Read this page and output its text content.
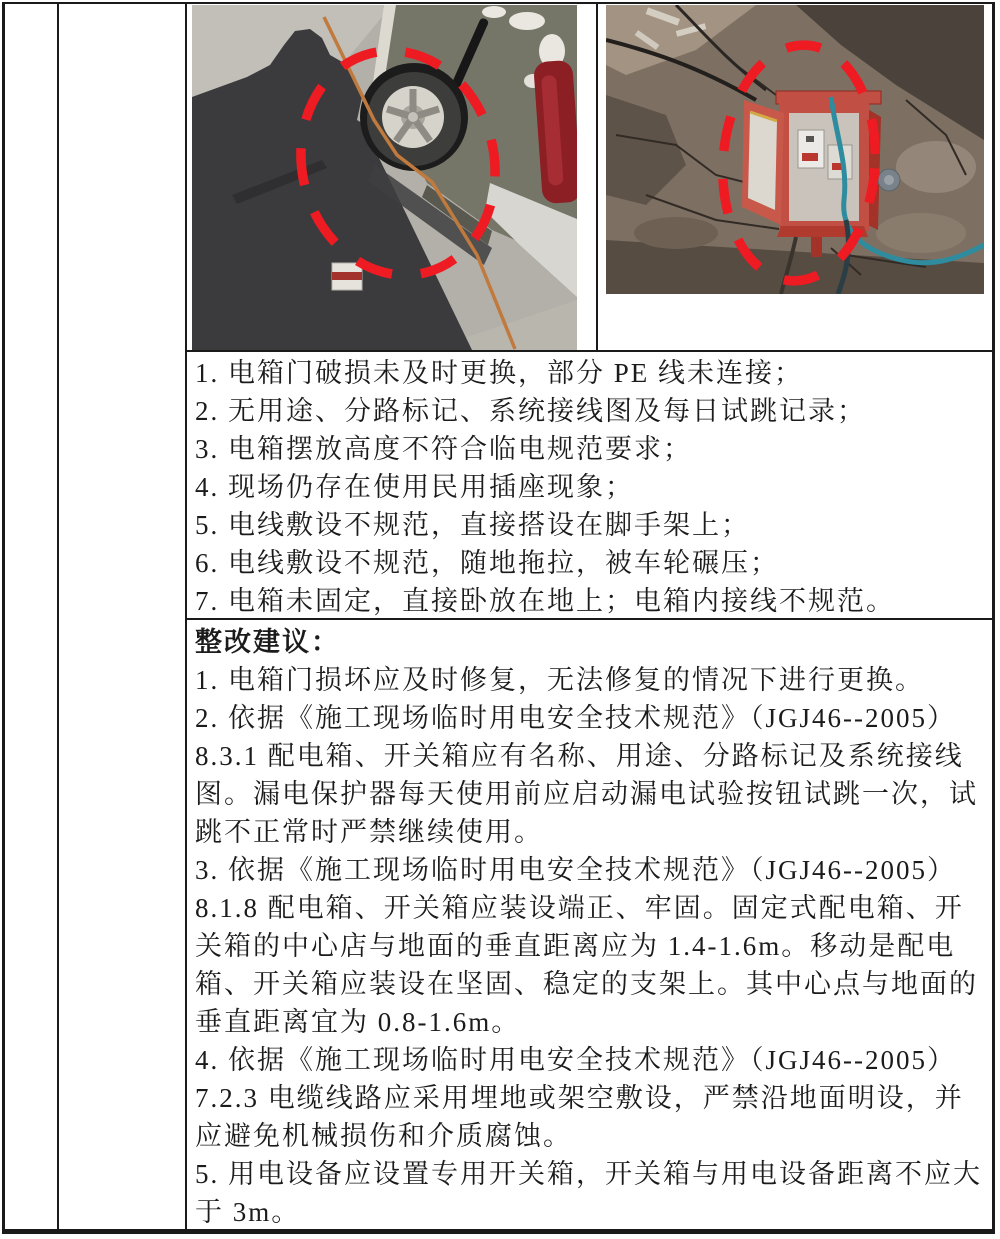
1. 电箱门破损未及时更换，部分 PE 线未连接；
2. 无用途、分路标记、系统接线图及每日试跳记录；
3. 电箱摆放高度不符合临电规范要求；
4. 现场仍存在使用民用插座现象；
5. 电线敷设不规范，直接搭设在脚手架上；
6. 电线敷设不规范，随地拖拉，被车轮碾压；
7. 电箱未固定，直接卧放在地上；电箱内接线不规范。
整改建议：
1. 电箱门损坏应及时修复，无法修复的情况下进行更换。
2. 依据《施工现场临时用电安全技术规范》（JGJ46--2005）
8.3.1 配电箱、开关箱应有名称、用途、分路标记及系统接线
图。漏电保护器每天使用前应启动漏电试验按钮试跳一次，试
跳不正常时严禁继续使用。
3. 依据《施工现场临时用电安全技术规范》（JGJ46--2005）
8.1.8 配电箱、开关箱应装设端正、牢固。固定式配电箱、开
关箱的中心店与地面的垂直距离应为 1.4-1.6m。移动是配电
箱、开关箱应装设在坚固、稳定的支架上。其中心点与地面的
垂直距离宜为 0.8-1.6m。
4. 依据《施工现场临时用电安全技术规范》（JGJ46--2005）
7.2.3 电缆线路应采用埋地或架空敷设，严禁沿地面明设，并
应避免机械损伤和介质腐蚀。
5. 用电设备应设置专用开关箱，开关箱与用电设备距离不应大
于 3m。
